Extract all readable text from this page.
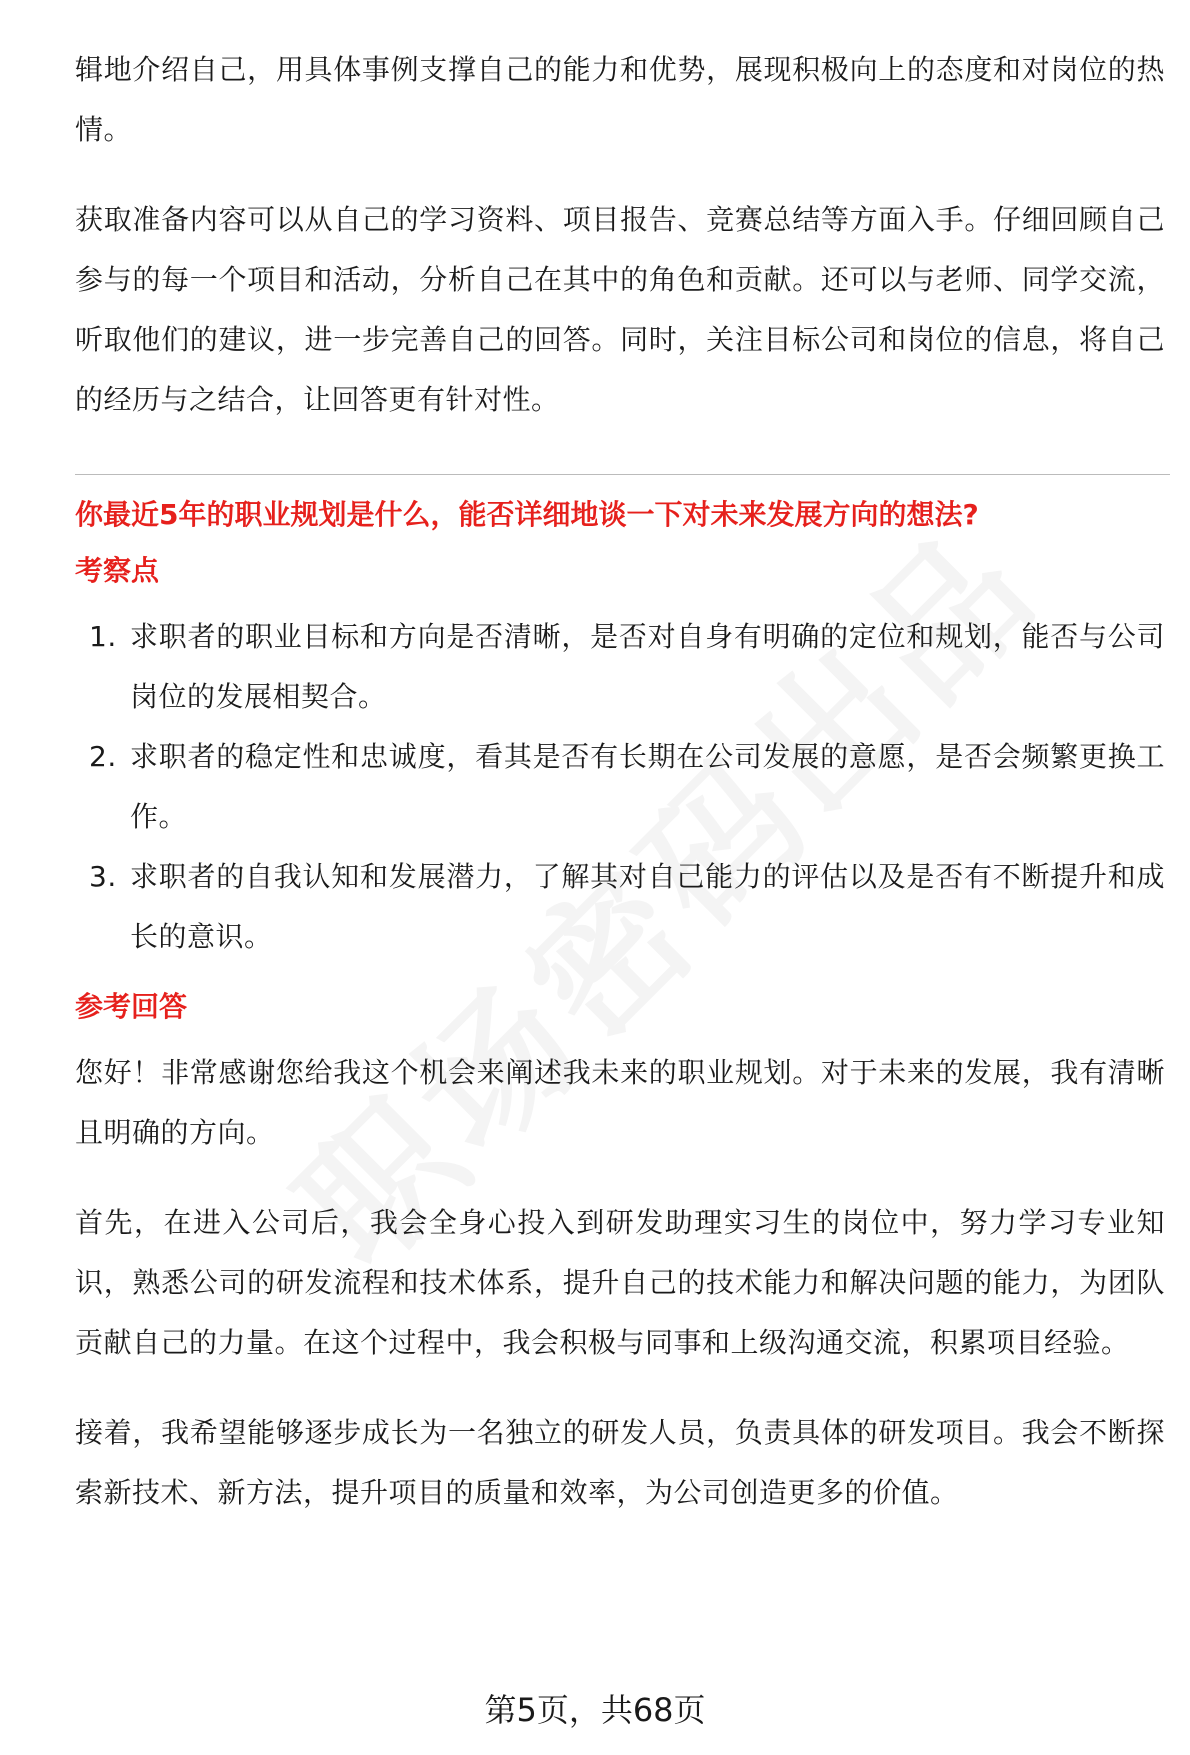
辑地介绍自己，用具体事例支撑自己的能力和优势，展现积极向上的态度和对岗位的热情。

获取准备内容可以从自己的学习资料、项目报告、竞赛总结等方面入手。仔细回顾自己参与的每一个项目和活动，分析自己在其中的角色和贡献。还可以与老师、同学交流，听取他们的建议，进一步完善自己的回答。同时，关注目标公司和岗位的信息，将自己的经历与之结合，让回答更有针对性。

你最近5年的职业规划是什么，能否详细地谈一下对未来发展方向的想法?

考察点

1. 求职者的职业目标和方向是否清晰，是否对自身有明确的定位和规划，能否与公司岗位的发展相契合。
2. 求职者的稳定性和忠诚度，看其是否有长期在公司发展的意愿，是否会频繁更换工作。
3. 求职者的自我认知和发展潜力，了解其对自己能力的评估以及是否有不断提升和成长的意识。

参考回答

您好！非常感谢您给我这个机会来阐述我未来的职业规划。对于未来的发展，我有清晰且明确的方向。

首先，在进入公司后，我会全身心投入到研发助理实习生的岗位中，努力学习专业知识，熟悉公司的研发流程和技术体系，提升自己的技术能力和解决问题的能力，为团队贡献自己的力量。在这个过程中，我会积极与同事和上级沟通交流，积累项目经验。

接着，我希望能够逐步成长为一名独立的研发人员，负责具体的研发项目。我会不断探索新技术、新方法，提升项目的质量和效率，为公司创造更多的价值。

第5页，共68页
